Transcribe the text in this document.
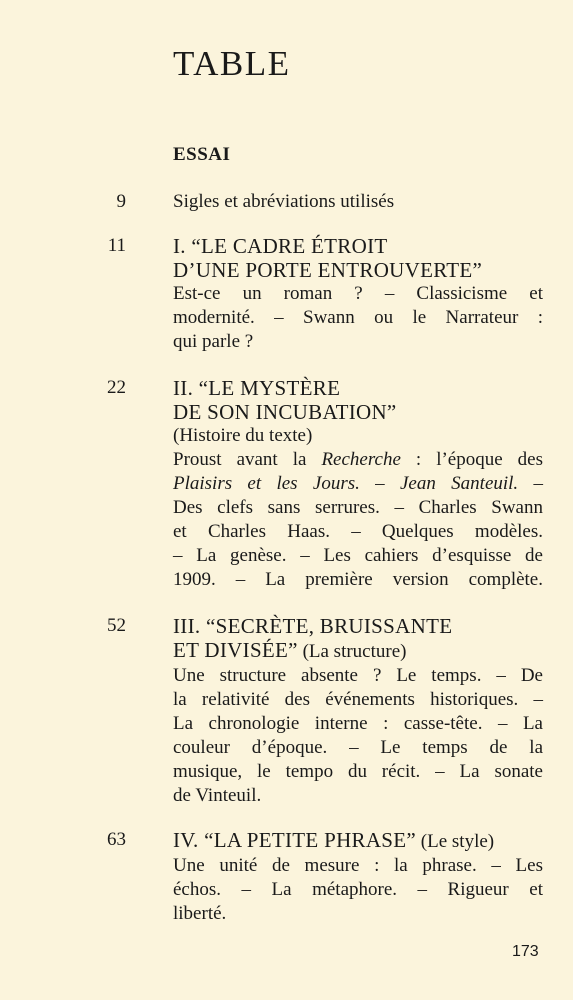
TABLE
ESSAI
9 Sigles et abréviations utilisés
11 I. “LE CADRE ÉTROIT
D’UNE PORTE ENTROUVERTE”
Est-ce un roman ? – Classicisme et
modernité. – Swann ou le Narrateur :
qui parle ?
22 II. “LE MYSTÈRE
DE SON INCUBATION”
(Histoire du texte)
Proust avant la Recherche : l’époque des
Plaisirs et les Jours. – Jean Santeuil. –
Des clefs sans serrures. – Charles Swann
et Charles Haas. – Quelques modèles.
– La genèse. – Les cahiers d’esquisse de
1909. – La première version complète.
52 III. “SECRÈTE, BRUISSANTE
ET DIVISÉE” (La structure)
Une structure absente ? Le temps. – De
la relativité des événements historiques. –
La chronologie interne : casse-tête. – La
couleur d’époque. – Le temps de la
musique, le tempo du récit. – La sonate
de Vinteuil.
63 IV. “LA PETITE PHRASE” (Le style)
Une unité de mesure : la phrase. – Les
échos. – La métaphore. – Rigueur et
liberté.
173
